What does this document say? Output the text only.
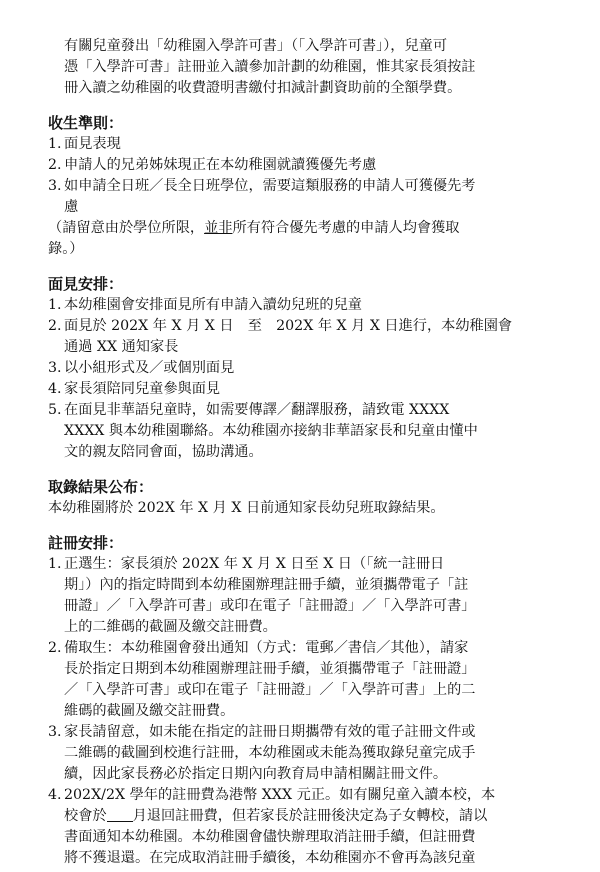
有關兒童發出「幼稚園入學許可書」（「入學許可書」），兒童可

憑「入學許可書」註冊並入讀參加計劃的幼稚園，惟其家長須按註

冊入讀之幼稚園的收費證明書繳付扣減計劃資助前的全額學費。

收生準則：
1. 面見表現
2. 申請人的兄弟姊妹現正在本幼稚園就讀獲優先考慮
3. 如申請全日班／長全日班學位，需要這類服務的申請人可獲優先考
慮
（請留意由於學位所限，並非所有符合優先考慮的申請人均會獲取
錄。）
面見安排：
1. 本幼稚園會安排面見所有申請入讀幼兒班的兒童
2. 面見於 202X 年 X 月 X 日　至　202X 年 X 月 X 日進行，本幼稚園會
通過 XX 通知家長
3. 以小組形式及／或個別面見
4. 家長須陪同兒童參與面見
5. 在面見非華語兒童時，如需要傳譯／翻譯服務，請致電 XXXX
XXXX 與本幼稚園聯絡。本幼稚園亦接納非華語家長和兒童由懂中
文的親友陪同會面，協助溝通。
取錄結果公布：

本幼稚園將於 202X 年 X 月 X 日前通知家長幼兒班取錄結果。

註冊安排：
1. 正選生：家長須於 202X 年 X 月 X 日至 X 日（「統一註冊日
期」）內的指定時間到本幼稚園辦理註冊手續，並須攜帶電子「註
冊證」／「入學許可書」或印在電子「註冊證」／「入學許可書」
上的二維碼的截圖及繳交註冊費。
2. 備取生：本幼稚園會發出通知（方式：電郵／書信／其他），請家
長於指定日期到本幼稚園辦理註冊手續，並須攜帶電子「註冊證」
／「入學許可書」或印在電子「註冊證」／「入學許可書」上的二
維碼的截圖及繳交註冊費。
3. 家長請留意，如未能在指定的註冊日期攜帶有效的電子註冊文件或
二維碼的截圖到校進行註冊，本幼稚園或未能為獲取錄兒童完成手
續，因此家長務必於指定日期內向教育局申請相關註冊文件。
4. 202X/2X 學年的註冊費為港幣 XXX 元正。如有關兒童入讀本校，本
校會於 月退回註冊費，但若家長於註冊後決定為子女轉校，請以
書面通知本幼稚園。本幼稚園會儘快辦理取消註冊手續，但註冊費
將不獲退還。在完成取消註冊手續後，本幼稚園亦不會再為該兒童
